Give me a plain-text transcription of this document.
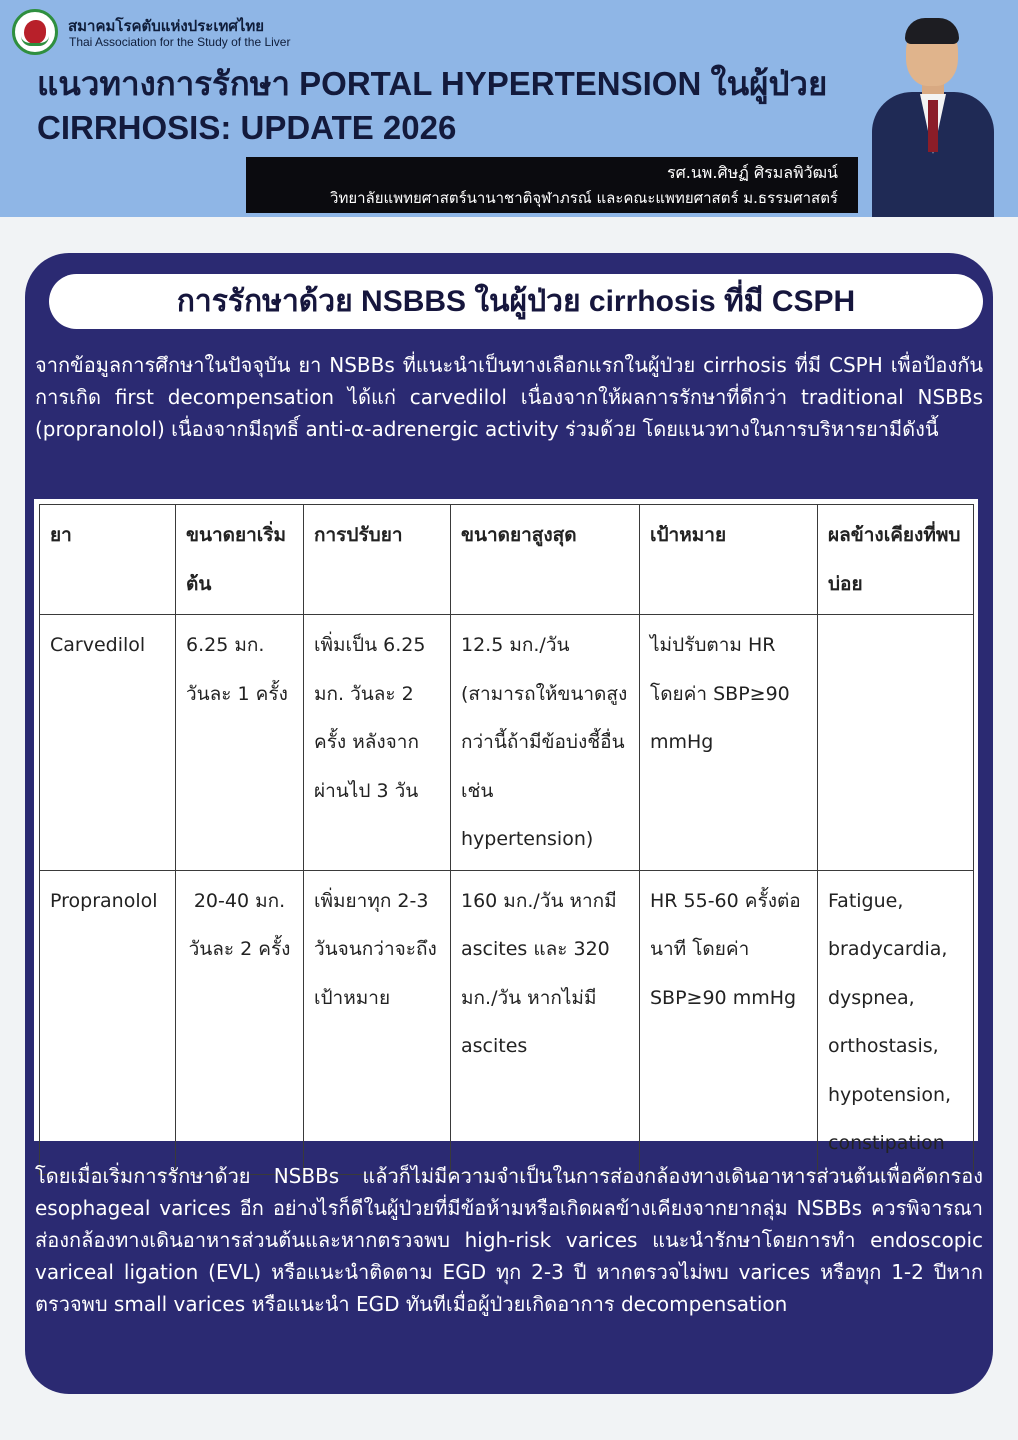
สมาคมโรคตับแห่งประเทศไทย
Thai Association for the Study of the Liver
แนวทางการรักษา PORTAL HYPERTENSION ในผู้ป่วย
CIRRHOSIS: UPDATE 2026
รศ.นพ.ศิษฏ์ ศิรมลพิวัฒน์
วิทยาลัยแพทยศาสตร์นานาชาติจุฬาภรณ์ และคณะแพทยศาสตร์ ม.ธรรมศาสตร์
การรักษาด้วย NSBBS ในผู้ป่วย cirrhosis ที่มี CSPH

จากข้อมูลการศึกษาในปัจจุบัน ยา NSBBs ที่แนะนำเป็นทางเลือกแรกในผู้ป่วย cirrhosis ที่มี CSPH เพื่อป้องกันการเกิด first decompensation ได้แก่ carvedilol เนื่องจากให้ผลการรักษาที่ดีกว่า traditional NSBBs (propranolol) เนื่องจากมีฤทธิ์ anti-α-adrenergic activity ร่วมด้วย โดยแนวทางในการบริหารยามีดังนี้

ยา	ขนาดยาเริ่มต้น	การปรับยา	ขนาดยาสูงสุด	เป้าหมาย	ผลข้างเคียงที่พบบ่อย
Carvedilol	6.25 มก. วันละ 1 ครั้ง	เพิ่มเป็น 6.25 มก. วันละ 2 ครั้ง หลังจากผ่านไป 3 วัน	12.5 มก./วัน (สามารถให้ขนาดสูงกว่านี้ถ้ามีข้อบ่งชี้อื่น เช่น hypertension)	ไม่ปรับตาม HR โดยค่า SBP≥90 mmHg	
Propranolol	20-40 มก. วันละ 2 ครั้ง	เพิ่มยาทุก 2-3 วันจนกว่าจะถึงเป้าหมาย	160 มก./วัน หากมี ascites และ 320 มก./วัน หากไม่มี ascites	HR 55-60 ครั้งต่อนาที โดยค่า SBP≥90 mmHg	Fatigue, bradycardia, dyspnea, orthostasis, hypotension, constipation

โดยเมื่อเริ่มการรักษาด้วย NSBBs แล้วก็ไม่มีความจำเป็นในการส่องกล้องทางเดินอาหารส่วนต้นเพื่อคัดกรอง esophageal varices อีก อย่างไรก็ดีในผู้ป่วยที่มีข้อห้ามหรือเกิดผลข้างเคียงจากยากลุ่ม NSBBs ควรพิจารณาส่องกล้องทางเดินอาหารส่วนต้นและหากตรวจพบ high-risk varices แนะนำรักษาโดยการทำ endoscopic variceal ligation (EVL) หรือแนะนำติดตาม EGD ทุก 2-3 ปี หากตรวจไม่พบ varices หรือทุก 1-2 ปีหากตรวจพบ small varices หรือแนะนำ EGD ทันทีเมื่อผู้ป่วยเกิดอาการ decompensation
